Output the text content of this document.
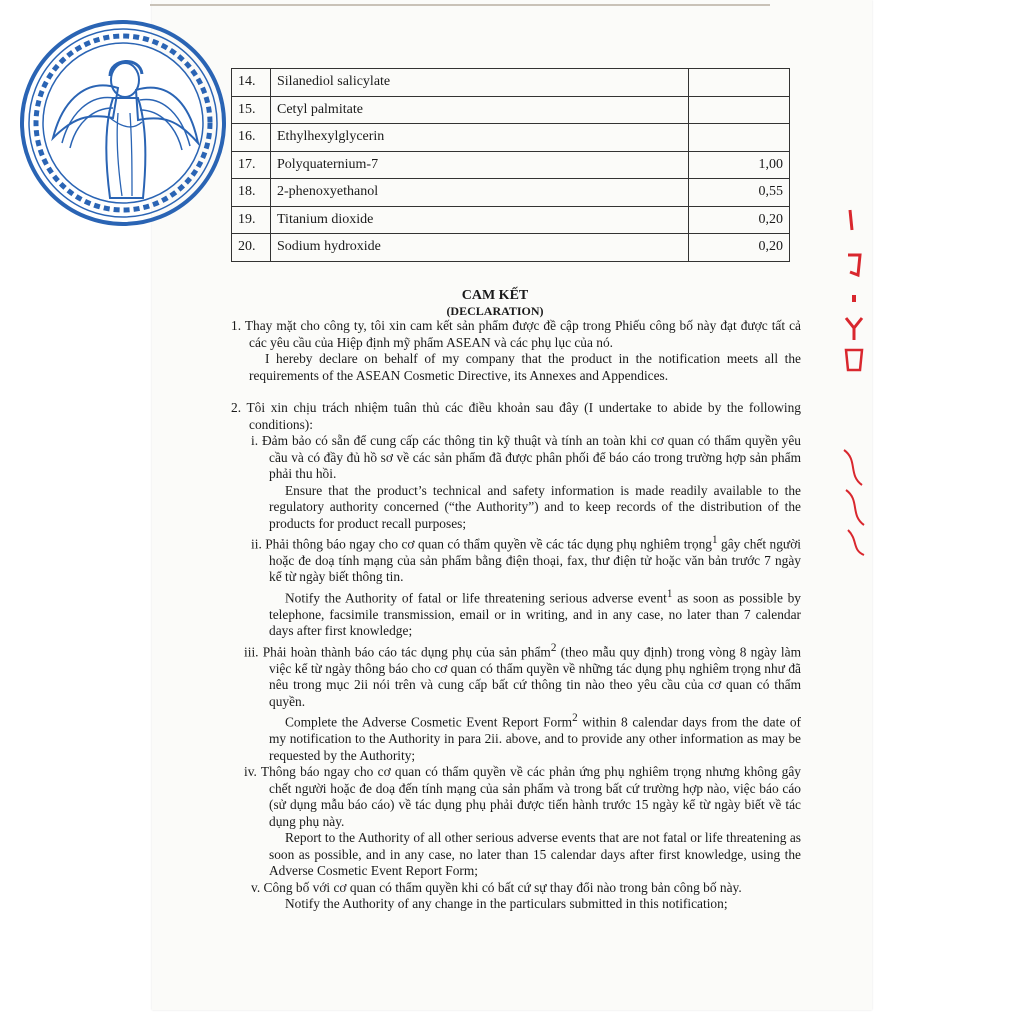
14.	Silanediol salicylate	
15.	Cetyl palmitate	
16.	Ethylhexylglycerin	
17.	Polyquaternium-7	1,00
18.	2-phenoxyethanol	0,55
19.	Titanium dioxide	0,20
20.	Sodium hydroxide	0,20
CAM KẾT
(DECLARATION)

1. Thay mặt cho công ty, tôi xin cam kết sản phẩm được đề cập trong Phiếu công bố này đạt được tất cả các yêu cầu của Hiệp định mỹ phẩm ASEAN và các phụ lục của nó.

I hereby declare on behalf of my company that the product in the notification meets all the requirements of the ASEAN Cosmetic Directive, its Annexes and Appendices.

2. Tôi xin chịu trách nhiệm tuân thủ các điều khoản sau đây (I undertake to abide by the following conditions):

i. Đảm bảo có sẵn để cung cấp các thông tin kỹ thuật và tính an toàn khi cơ quan có thẩm quyền yêu cầu và có đầy đủ hồ sơ về các sản phẩm đã được phân phối để báo cáo trong trường hợp sản phẩm phải thu hồi.

Ensure that the product’s technical and safety information is made readily available to the regulatory authority concerned (“the Authority”) and to keep records of the distribution of the products for product recall purposes;

ii. Phải thông báo ngay cho cơ quan có thẩm quyền về các tác dụng phụ nghiêm trọng$^1$ gây chết người hoặc đe doạ tính mạng của sản phẩm bằng điện thoại, fax, thư điện tử hoặc văn bản trước 7 ngày kể từ ngày biết thông tin.

Notify the Authority of fatal or life threatening serious adverse event$^1$ as soon as possible by telephone, facsimile transmission, email or in writing, and in any case, no later than 7 calendar days after first knowledge;

iii. Phải hoàn thành báo cáo tác dụng phụ của sản phẩm$^2$ (theo mẫu quy định) trong vòng 8 ngày làm việc kể từ ngày thông báo cho cơ quan có thẩm quyền về những tác dụng phụ nghiêm trọng như đã nêu trong mục 2ii nói trên và cung cấp bất cứ thông tin nào theo yêu cầu của cơ quan có thẩm quyền.

Complete the Adverse Cosmetic Event Report Form$^2$ within 8 calendar days from the date of my notification to the Authority in para 2ii. above, and to provide any other information as may be requested by the Authority;

iv. Thông báo ngay cho cơ quan có thẩm quyền về các phản ứng phụ nghiêm trọng nhưng không gây chết người hoặc đe doạ đến tính mạng của sản phẩm và trong bất cứ trường hợp nào, việc báo cáo (sử dụng mẫu báo cáo) về tác dụng phụ phải được tiến hành trước 15 ngày kể từ ngày biết về tác dụng phụ này.

Report to the Authority of all other serious adverse events that are not fatal or life threatening as soon as possible, and in any case, no later than 15 calendar days after first knowledge, using the Adverse Cosmetic Event Report Form;

v. Công bố với cơ quan có thẩm quyền khi có bất cứ sự thay đổi nào trong bản công bố này.

Notify the Authority of any change in the particulars submitted in this notification;
